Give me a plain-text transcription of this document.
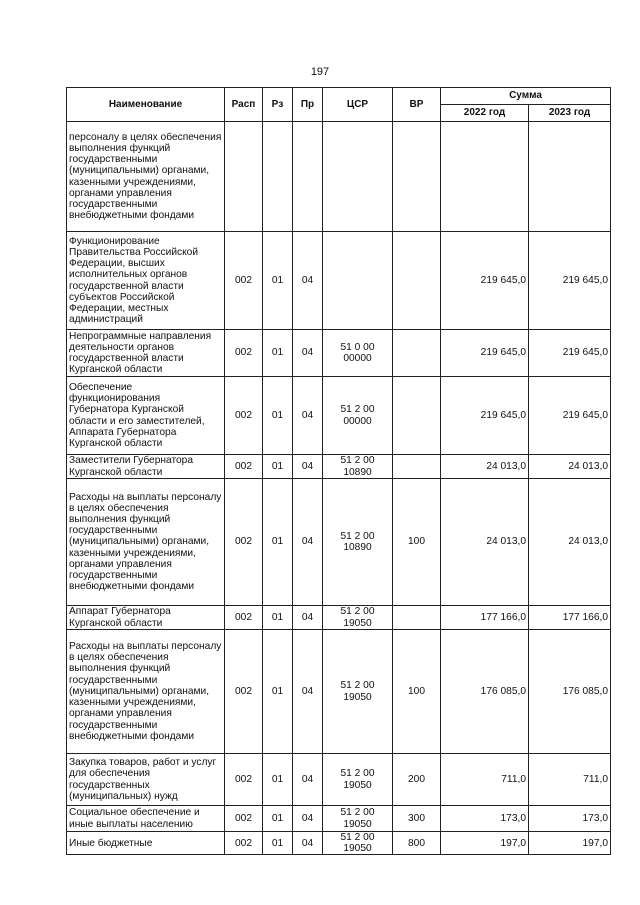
197
Наименование	Расп	Рз	Пр	ЦСР	ВР	Сумма	
						2022 год	2023 год
персоналу в целях обеспечения выполнения функций государственными (муниципальными) органами, казенными учреждениями, органами управления государственными внебюджетными фондами							
Функционирование Правительства Российской Федерации, высших исполнительных органов государственной власти субъектов Российской Федерации, местных администраций	002	01	04			219 645,0	219 645,0
Непрограммные направления деятельности органов государственной власти Курганской области	002	01	04	51 0 00 00000		219 645,0	219 645,0
Обеспечение функционирования Губернатора Курганской области и его заместителей, Аппарата Губернатора Курганской области	002	01	04	51 2 00 00000		219 645,0	219 645,0
Заместители Губернатора Курганской области	002	01	04	51 2 00 10890		24 013,0	24 013,0
Расходы на выплаты персоналу в целях обеспечения выполнения функций государственными (муниципальными) органами, казенными учреждениями, органами управления государственными внебюджетными фондами	002	01	04	51 2 00 10890	100	24 013,0	24 013,0
Аппарат Губернатора Курганской области	002	01	04	51 2 00 19050		177 166,0	177 166,0
Расходы на выплаты персоналу в целях обеспечения выполнения функций государственными (муниципальными) органами, казенными учреждениями, органами управления государственными внебюджетными фондами	002	01	04	51 2 00 19050	100	176 085,0	176 085,0
Закупка товаров, работ и услуг для обеспечения государственных (муниципальных) нужд	002	01	04	51 2 00 19050	200	711,0	711,0
Социальное обеспечение и иные выплаты населению	002	01	04	51 2 00 19050	300	173,0	173,0
Иные бюджетные	002	01	04	51 2 00 19050	800	197,0	197,0
